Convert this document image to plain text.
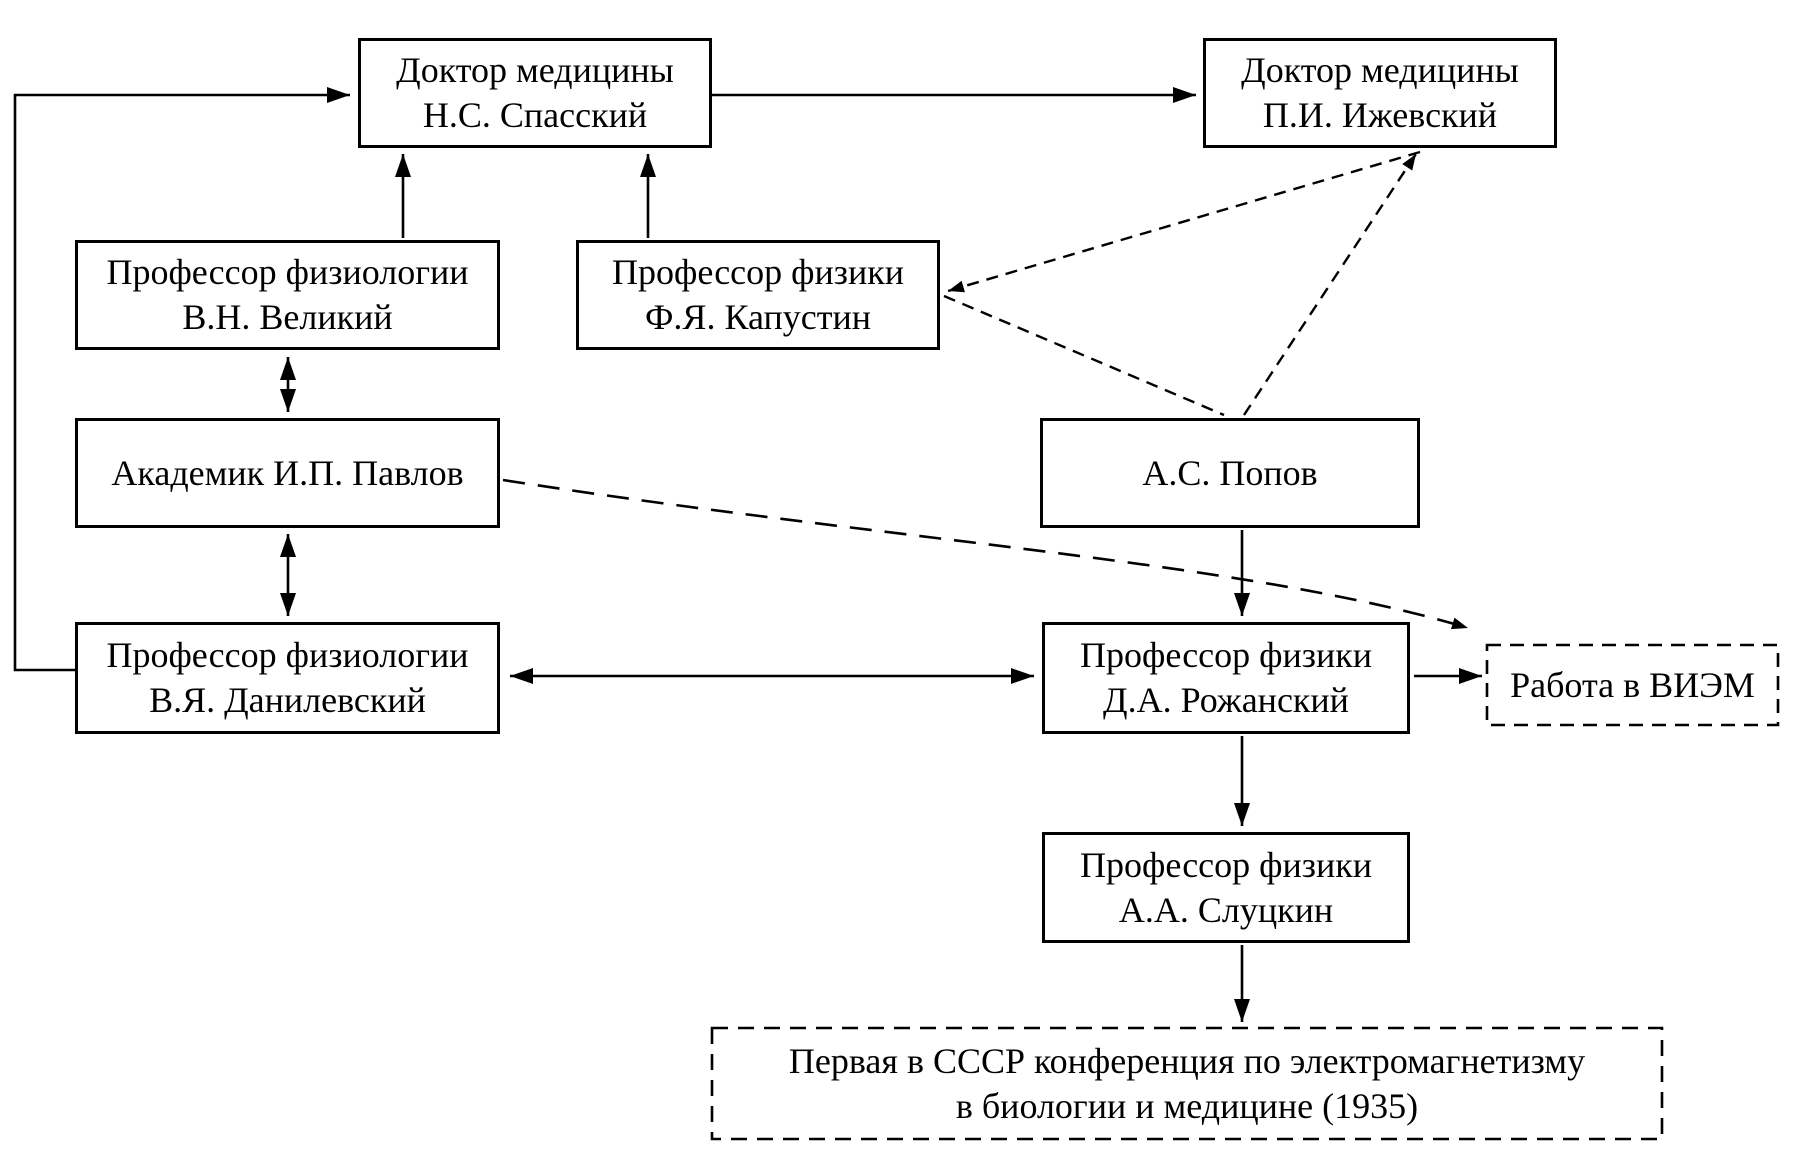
Доктор медицины
Н.С. Спасский
Доктор медицины
П.И. Ижевский
Профессор физиологии
В.Н. Великий
Профессор физики
Ф.Я. Капустин
Академик И.П. Павлов	А.С. Попов
Профессор физиологии
В.Я. Данилевский
Профессор физики
Д.А. Рожанский
Профессор физики
А.А. Слуцкин
Работа в ВИЭМ
Первая в СССР конференция по электромагнетизму
в биологии и медицине (1935)
